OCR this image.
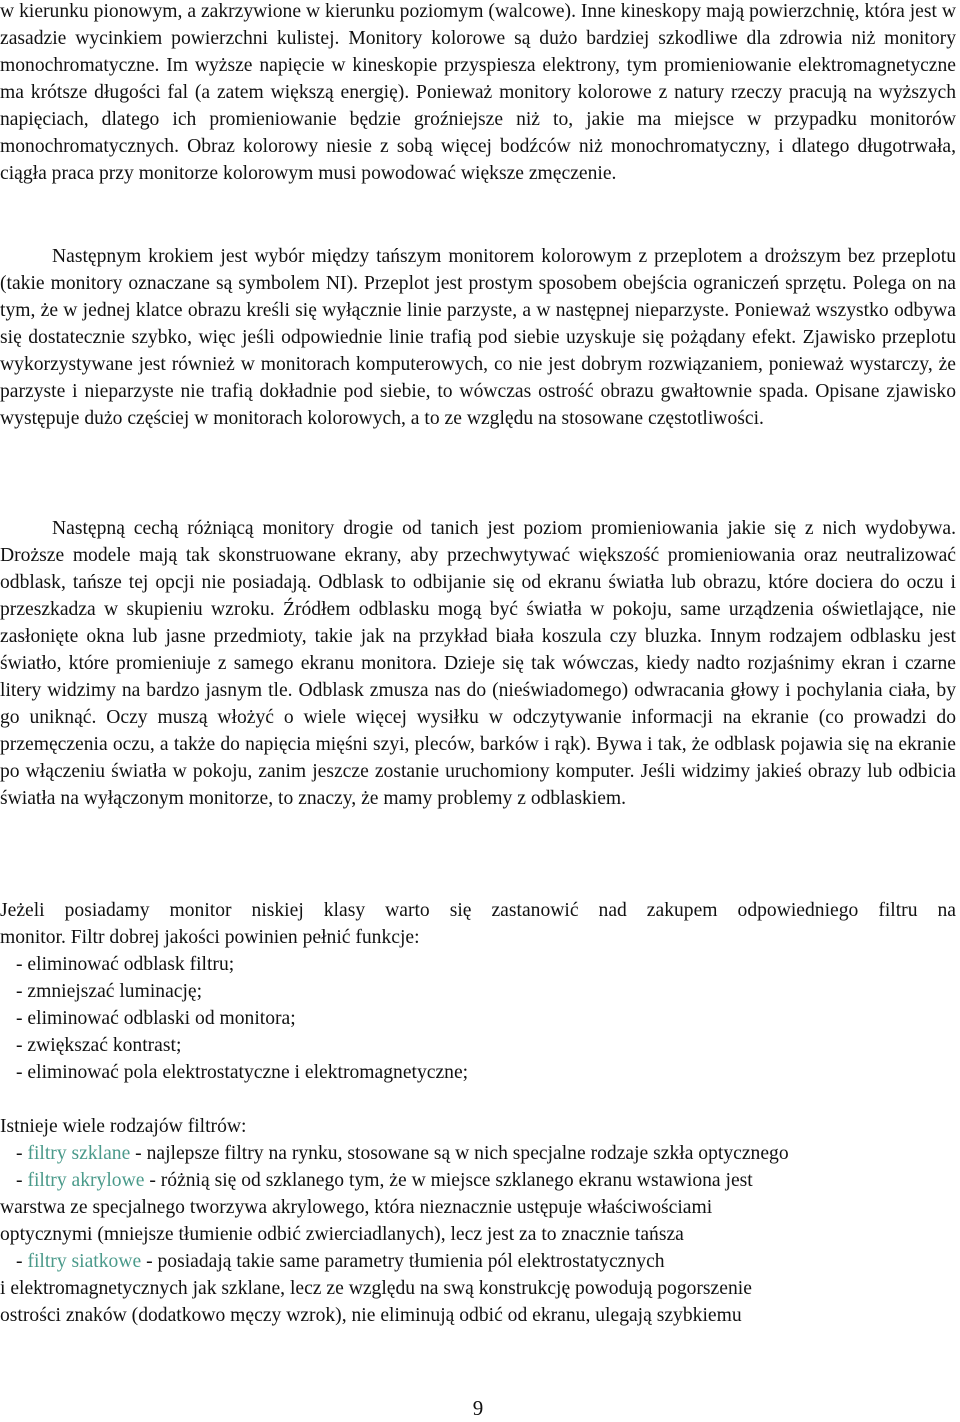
w kierunku pionowym, a zakrzywione w kierunku poziomym (walcowe). Inne kineskopy mają powierzchnię, która jest w zasadzie wycinkiem powierzchni kulistej. Monitory kolorowe są dużo bardziej szkodliwe dla zdrowia niż monitory monochromatyczne. Im wyższe napięcie w kineskopie przyspiesza elektrony, tym promieniowanie elektromagnetyczne ma krótsze długości fal (a zatem większą energię). Ponieważ monitory kolorowe z natury rzeczy pracują na wyższych napięciach, dlatego ich promieniowanie będzie groźniejsze niż to, jakie ma miejsce w przypadku monitorów monochromatycznych. Obraz kolorowy niesie z sobą więcej bodźców niż monochromatyczny, i dlatego długotrwała, ciągła praca przy monitorze kolorowym musi powodować większe zmęczenie.

Następnym krokiem jest wybór między tańszym monitorem kolorowym z przeplotem a droższym bez przeplotu (takie monitory oznaczane są symbolem NI). Przeplot jest prostym sposobem obejścia ograniczeń sprzętu. Polega on na tym, że w jednej klatce obrazu kreśli się wyłącznie linie parzyste, a w następnej nieparzyste. Ponieważ wszystko odbywa się dostatecznie szybko, więc jeśli odpowiednie linie trafią pod siebie uzyskuje się pożądany efekt. Zjawisko przeplotu wykorzystywane jest również w monitorach komputerowych, co nie jest dobrym rozwiązaniem, ponieważ wystarczy, że parzyste i nieparzyste nie trafią dokładnie pod siebie, to wówczas ostrość obrazu gwałtownie spada. Opisane zjawisko występuje dużo częściej w monitorach kolorowych, a to ze względu na stosowane częstotliwości.

Następną cechą różniącą monitory drogie od tanich jest poziom promieniowania jakie się z nich wydobywa. Droższe modele mają tak skonstruowane ekrany, aby przechwytywać większość promieniowania oraz neutralizować odblask, tańsze tej opcji nie posiadają. Odblask to odbijanie się od ekranu światła lub obrazu, które dociera do oczu i przeszkadza w skupieniu wzroku. Źródłem odblasku mogą być światła w pokoju, same urządzenia oświetlające, nie zasłonięte okna lub jasne przedmioty, takie jak na przykład biała koszula czy bluzka. Innym rodzajem odblasku jest światło, które promieniuje z samego ekranu monitora. Dzieje się tak wówczas, kiedy nadto rozjaśnimy ekran i czarne litery widzimy na bardzo jasnym tle. Odblask zmusza nas do (nieświadomego) odwracania głowy i pochylania ciała, by go uniknąć. Oczy muszą włożyć o wiele więcej wysiłku w odczytywanie informacji na ekranie (co prowadzi do przemęczenia oczu, a także do napięcia mięśni szyi, pleców, barków i rąk). Bywa i tak, że odblask pojawia się na ekranie po włączeniu światła w pokoju, zanim jeszcze zostanie uruchomiony komputer. Jeśli widzimy jakieś obrazy lub odbicia światła na wyłączonym monitorze, to znaczy, że mamy problemy z odblaskiem.

Jeżeli posiadamy monitor niskiej klasy warto się zastanowić nad zakupem odpowiedniego filtru na

monitor. Filtr dobrej jakości powinien pełnić funkcje:

- eliminować odblask filtru;

- zmniejszać luminację;

- eliminować odblaski od monitora;

- zwiększać kontrast;

- eliminować pola elektrostatyczne i elektromagnetyczne;

Istnieje wiele rodzajów filtrów:

- filtry szklane - najlepsze filtry na rynku, stosowane są w nich specjalne rodzaje szkła optycznego

- filtry akrylowe - różnią się od szklanego tym, że w miejsce szklanego ekranu wstawiona jest

warstwa ze specjalnego tworzywa akrylowego, która nieznacznie ustępuje właściwościami

optycznymi (mniejsze tłumienie odbić zwierciadlanych), lecz jest za to znacznie tańsza

- filtry siatkowe - posiadają takie same parametry tłumienia pól elektrostatycznych

i elektromagnetycznych jak szklane, lecz ze względu na swą konstrukcję powodują pogorszenie

ostrości znaków (dodatkowo męczy wzrok), nie eliminują odbić od ekranu, ulegają szybkiemu

9
